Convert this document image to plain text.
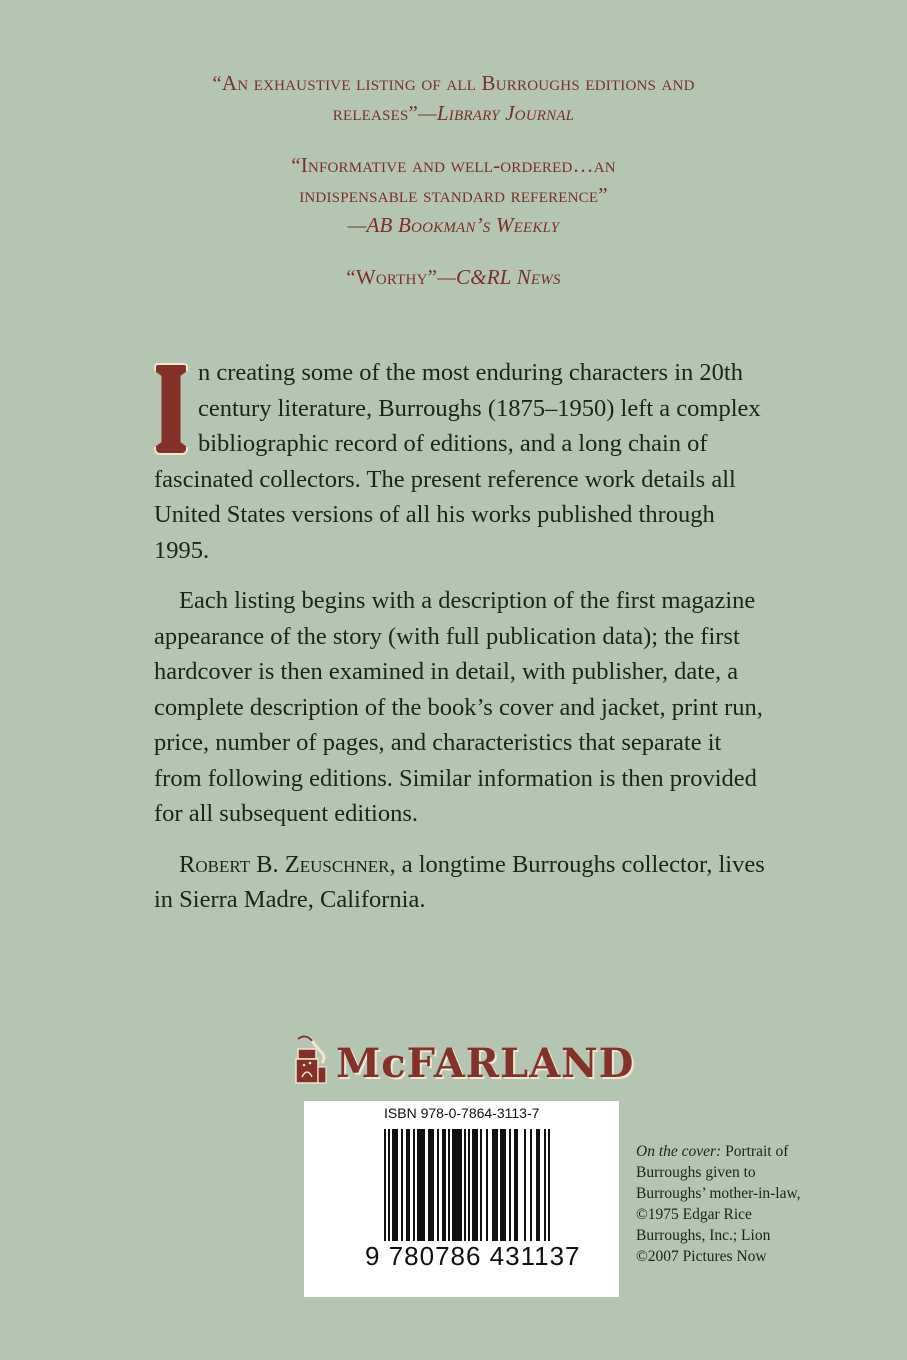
“An exhaustive listing of all Burroughs editions and releases”—Library Journal

“Informative and well-ordered…an indispensable standard reference”
—AB Bookman’s Weekly

“Worthy”—C&RL News

n creating some of the most enduring characters in 20th century literature, Burroughs (1875–1950) left a complex bibliographic record of editions, and a long chain of fascinated collectors. The present reference work details all United States versions of all his works published through 1995.

Each listing begins with a description of the first magazine appearance of the story (with full publication data); the first hardcover is then examined in detail, with publisher, date, a complete description of the book’s cover and jacket, print run, price, number of pages, and characteristics that separate it from following editions. Similar information is then provided for all subsequent editions.

Robert B. Zeuschner, a longtime Burroughs collector, lives in Sierra Madre, California.

McFARLAND
ISBN 978-0-7864-3113-7
9 780786 431137
On the cover: Portrait of Burroughs given to Burroughs’ mother-in-law, ©1975 Edgar Rice Burroughs, Inc.; Lion ©2007 Pictures Now
